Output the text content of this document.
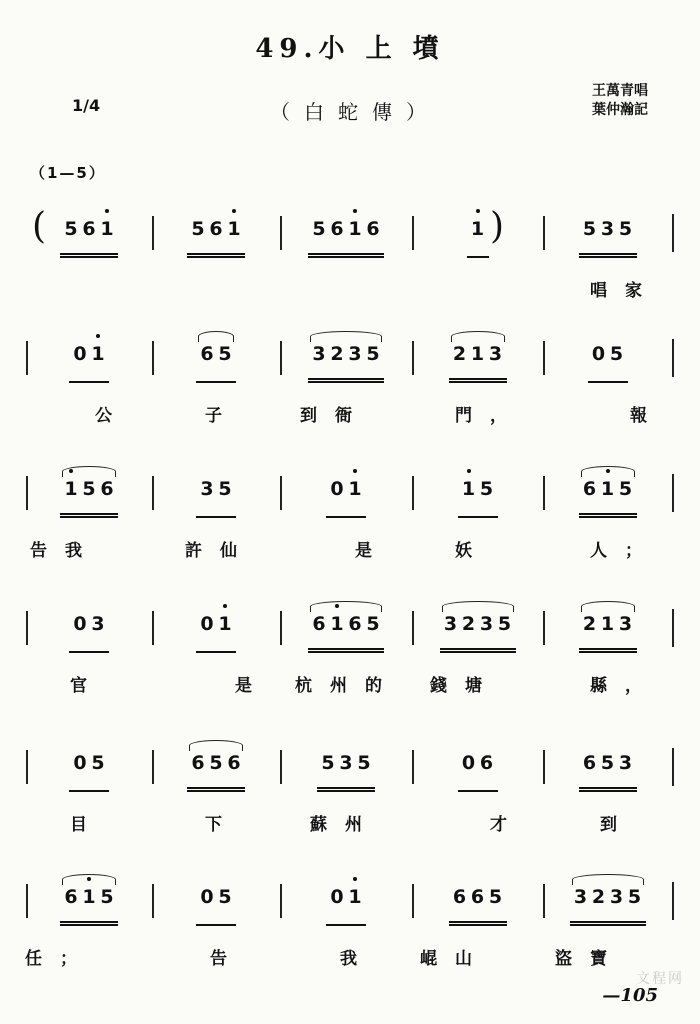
49.小 上 墳
1/4	（白蛇傳）
王萬青唱
葉仲瀚記
（1—5）
(	)
5 6 1	5 6 1	5 6 1 6	1	5 3 5
唱家
0 1	6 5	3 2 3 5	2 1 3	0 5
公	子	到衙	門，	報
1 5 6	3 5	0 1	1 5	6 1 5
告我	許仙	是	妖	人；
0 3	0 1	6 1 6 5	3 2 3 5	2 1 3
官	是	杭州的 錢塘	縣，
0 5	6 5 6	5 3 5	0 6	6 5 3
目	下	蘇州	才	到
6 1 5	0 5	0 1	6 6 5	3 2 3 5
任；	告	我	崐山	盜寶
—105
文程网
